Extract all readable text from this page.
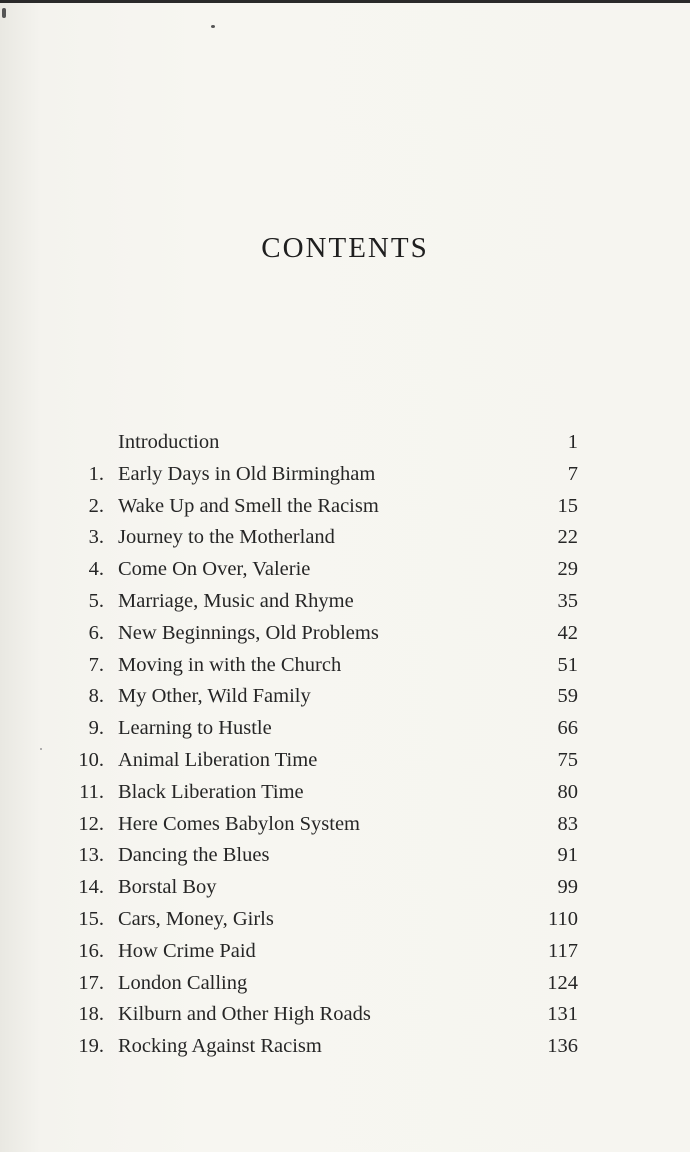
CONTENTS
Introduction	1
1. Early Days in Old Birmingham	7
2. Wake Up and Smell the Racism	15
3. Journey to the Motherland	22
4. Come On Over, Valerie	29
5. Marriage, Music and Rhyme	35
6. New Beginnings, Old Problems	42
7. Moving in with the Church	51
8. My Other, Wild Family	59
9. Learning to Hustle	66
10. Animal Liberation Time	75
11. Black Liberation Time	80
12. Here Comes Babylon System	83
13. Dancing the Blues	91
14. Borstal Boy	99
15. Cars, Money, Girls	110
16. How Crime Paid	117
17. London Calling	124
18. Kilburn and Other High Roads	131
19. Rocking Against Racism	136
